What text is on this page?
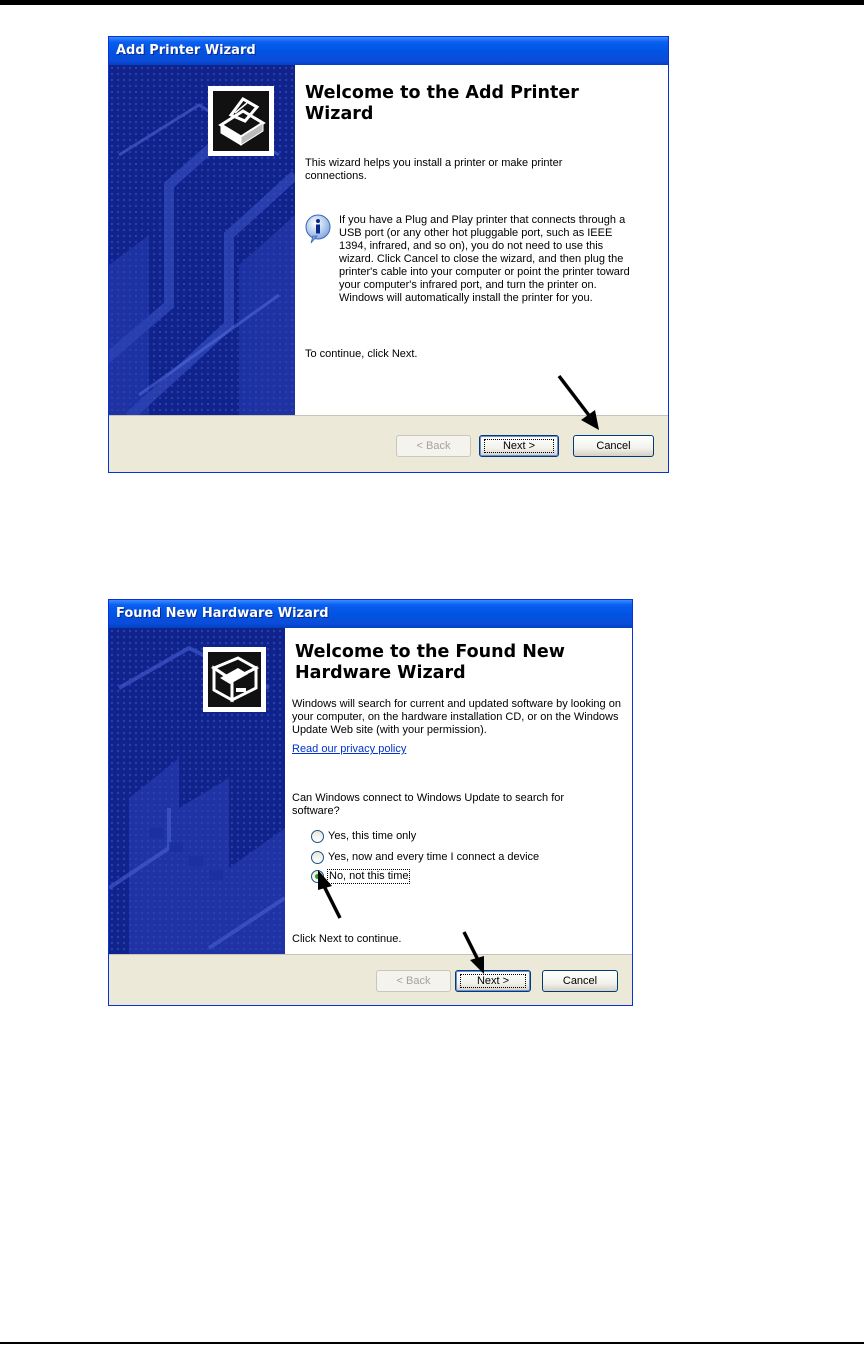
Add Printer Wizard
Welcome to the Add Printer Wizard
This wizard helps you install a printer or make printer connections.
If you have a Plug and Play printer that connects through a USB port (or any other hot pluggable port, such as IEEE 1394, infrared, and so on), you do not need to use this wizard. Click Cancel to close the wizard, and then plug the printer's cable into your computer or point the printer toward your computer's infrared port, and turn the printer on. Windows will automatically install the printer for you.
To continue, click Next.
< Back	Next >	Cancel
Found New Hardware Wizard
Welcome to the Found New Hardware Wizard
Windows will search for current and updated software by looking on your computer, on the hardware installation CD, or on the Windows Update Web site (with your permission).
Read our privacy policy
Can Windows connect to Windows Update to search for software?
Yes, this time only
Yes, now and every time I connect a device
No, not this time
Click Next to continue.
< Back	Next >	Cancel
